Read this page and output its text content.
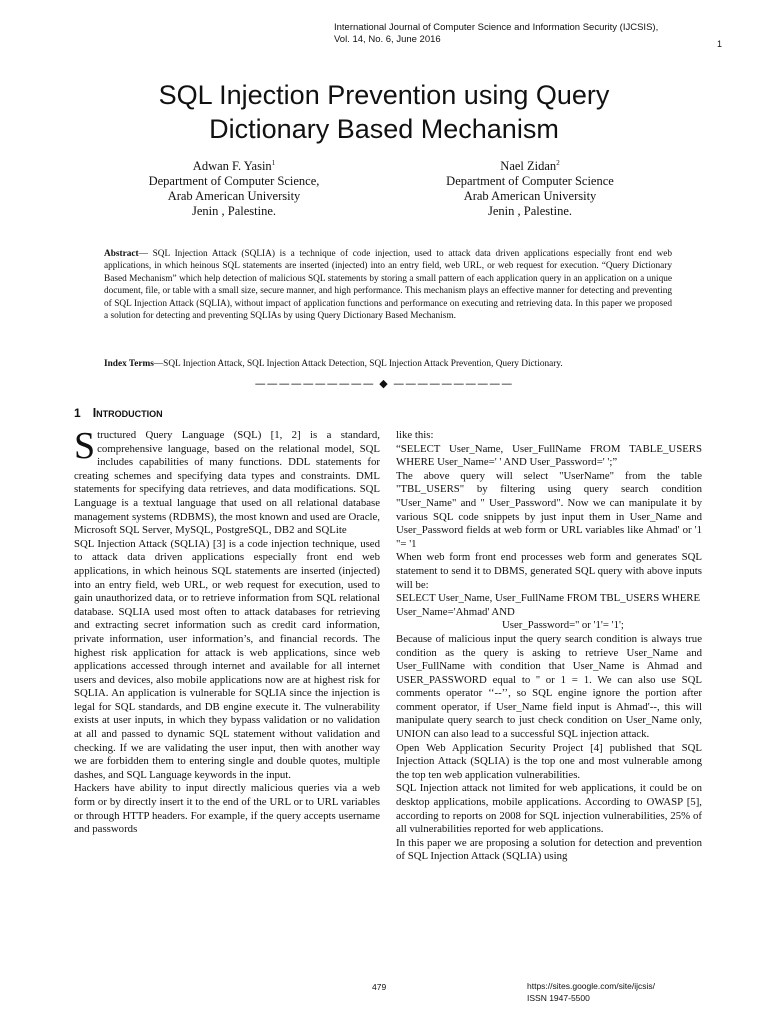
International Journal of Computer Science and Information Security (IJCSIS),
Vol. 14, No. 6, June 2016	1
SQL Injection Prevention using Query
Dictionary Based Mechanism
Adwan F. Yasin$^1$
Department of Computer Science,
Arab American University
Jenin , Palestine.
Nael Zidan$^2$
Department of Computer Science
Arab American University
Jenin , Palestine.
Abstract— SQL Injection Attack (SQLIA) is a technique of code injection, used to attack data driven applications especially front end web applications, in which heinous SQL statements are inserted (injected) into an entry field, web URL, or web request for execution. “Query Dictionary Based Mechanism” which help detection of malicious SQL statements by storing a small pattern of each application query in an application on a unique document, file, or table with a small size, secure manner, and high performance. This mechanism plays an effective manner for detecting and preventing of SQL Injection Attack (SQLIA), without impact of application functions and performance on executing and retrieving data. In this paper we proposed a solution for detecting and preventing SQLIAs by using Query Dictionary Based Mechanism.
Index Terms—SQL Injection Attack, SQL Injection Attack Detection, SQL Injection Attack Prevention, Query Dictionary.
—————————— ◆ ——————————
1 Introduction

Structured Query Language (SQL) [1, 2] is a standard, comprehensive language, based on the relational model, SQL includes capabilities of many functions. DDL statements for creating schemes and specifying data types and constraints. DML statements for specifying data retrieves, and data modifications. SQL Language is a textual language that used on all relational database management systems (RDBMS), the most known and used are Oracle, Microsoft SQL Server, MySQL, PostgreSQL, DB2 and SQLite

SQL Injection Attack (SQLIA) [3] is a code injection technique, used to attack data driven applications especially front end web applications, in which heinous SQL statements are inserted (injected) into an entry field, web URL, or web request for execution, used to gain unauthorized data, or to retrieve information from SQL relational database. SQLIA used most often to attack databases for retrieving and extracting secret information such as credit card information, private information, user information’s, and financial records. The highest risk application for attack is web applications, since web applications accessed through internet and available for all internet users and devices, also mobile applications now are at highest risk for SQLIA. An application is vulnerable for SQLIA since the injection is legal for SQL standards, and DB engine execute it. The vulnerability exists at user inputs, in which they bypass validation or no validation at all and passed to dynamic SQL statement without validation and checking. If we are validating the user input, then with another way we are forbidden them to entering single and double quotes, multiple dashes, and SQL Language keywords in the input.

Hackers have ability to input directly malicious queries via a web form or by directly insert it to the end of the URL or to URL variables or through HTTP headers. For example, if the query accepts username and passwords

like this:

“SELECT User_Name, User_FullName FROM TABLE_USERS WHERE User_Name=' ' AND User_Password=' ';”

The above query will select "UserName" from the table "TBL_USERS" by filtering using query search condition "User_Name" and " User_Password". Now we can manipulate it by various SQL code snippets by just input them in User_Name and User_Password fields at web form or URL variables like Ahmad' or '1 "= '1

When web form front end processes web form and generates SQL statement to send it to DBMS, generated SQL query with above inputs will be:

SELECT User_Name, User_FullName FROM TBL_USERS WHERE User_Name='Ahmad' AND

User_Password='' or '1'= '1';

Because of malicious input the query search condition is always true condition as the query is asking to retrieve User_Name and User_FullName with condition that User_Name is Ahmad and USER_PASSWORD equal to '' or 1 = 1. We can also use SQL comments operator ‘‘--’’, so SQL engine ignore the portion after comment operator, if User_Name field input is Ahmad'--, this will manipulate query search to just check condition on User_Name only, UNION can also lead to a successful SQL injection attack.

Open Web Application Security Project [4] published that SQL Injection Attack (SQLIA) is the top one and most vulnerable among the top ten web application vulnerabilities.

SQL Injection attack not limited for web applications, it could be on desktop applications, mobile applications. According to OWASP [5], according to reports on 2008 for SQL injection vulnerabilities, 25% of all vulnerabilities reported for web applications.

In this paper we are proposing a solution for detection and prevention of SQL Injection Attack (SQLIA) using

479	https://sites.google.com/site/ijcsis/
ISSN 1947-5500
